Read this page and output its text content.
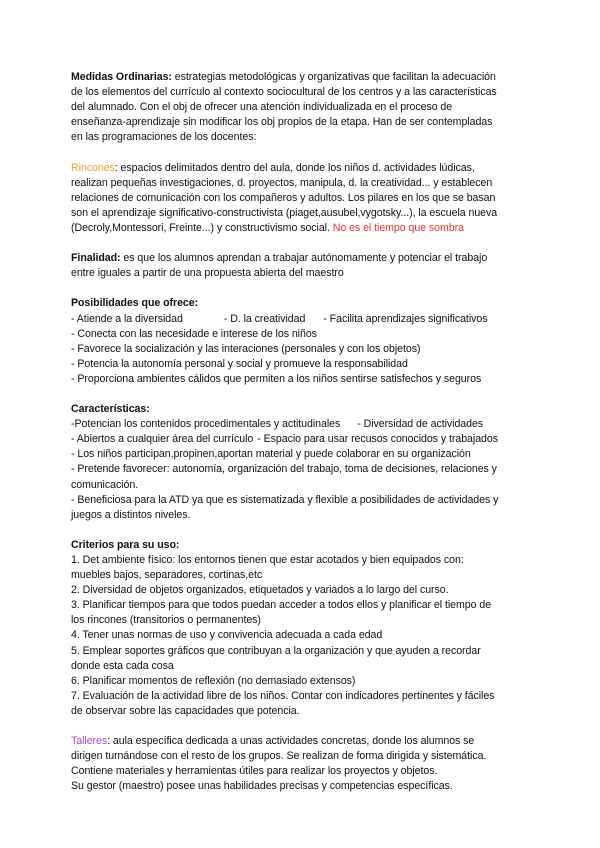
Medidas Ordinarias: estrategias metodológicas y organizativas que facilitan la adecuación
de los elementos del currículo al contexto sociocultural de los centros y a las características
del alumnado. Con el obj de ofrecer una atención individualizada en el proceso de
enseñanza-aprendizaje sin modificar los obj propios de la etapa. Han de ser contempladas
en las programaciones de los docentes:
Rincones: espacios delimitados dentro del aula, donde los niños d. actividades lúdicas,
realizan pequeñas investigaciones, d. proyectos, manipula, d. la creatividad... y establecen
relaciones de comunicación con los compañeros y adultos. Los pilares en los que se basan
son el aprendizaje significativo-constructivista (piaget,ausubel,vygotsky...), la escuela nueva
(Decroly,Montessori, Freinte...) y constructivismo social. No es el tiempo que sombra
Finalidad: es que los alumnos aprendan a trabajar autónomamente y potenciar el trabajo
entre iguales a partir de una propuesta abierta del maestro
Posibilidades que ofrece:
- Atiende a la diversidad	- D. la creatividad - Facilita aprendizajes significativos
- Conecta con las necesidade e interese de los niños
- Favorece la socialización y las interaciones (personales y con los objetos)
- Potencia la autonomía personal y social y promueve la responsabilidad
- Proporciona ambientes cálidos que permiten a los niños sentirse satisfechos y seguros
Características:
-Potencian los contenidos procedimentales y actitudinales - Diversidad de actividades
- Abiertos a cualquier área del currículo - Espacio para usar recusos conocidos y trabajados
- Los niños participan,propinen,aportan material y puede colaborar en su organización
- Pretende favorecer: autonomía, organización del trabajo, toma de decisiones, relaciones y
comunicación.
- Beneficiosa para la ATD ya que es sistematizada y flexible a posibilidades de actividades y
juegos a distintos niveles.
Criterios para su uso:
1. Det ambiente físico: los entornos tienen que estar acotados y bien equipados con:
muebles bajos, separadores, cortinas,etc
2. Diversidad de objetos organizados, etiquetados y variados a lo largo del curso.
3. Planificar tiempos para que todos puedan acceder a todos ellos y planificar el tiempo de
los rincones (transitorios o permanentes)
4. Tener unas normas de uso y convivencia adecuada a cada edad
5. Emplear soportes gráficos que contribuyan a la organización y que ayuden a recordar
donde esta cada cosa
6. Planificar momentos de reflexión (no demasiado extensos)
7. Evaluación de la actividad libre de los niños. Contar con indicadores pertinentes y fáciles
de observar sobre las capacidades que potencia.
Talleres: aula específica dedicada a unas actividades concretas, donde los alumnos se
dirigen turnándose con el resto de los grupos. Se realizan de forma dirigida y sistemática.
Contiene materiales y herramientas útiles para realizar los proyectos y objetos.
Su gestor (maestro) posee unas habilidades precisas y competencias específicas.
